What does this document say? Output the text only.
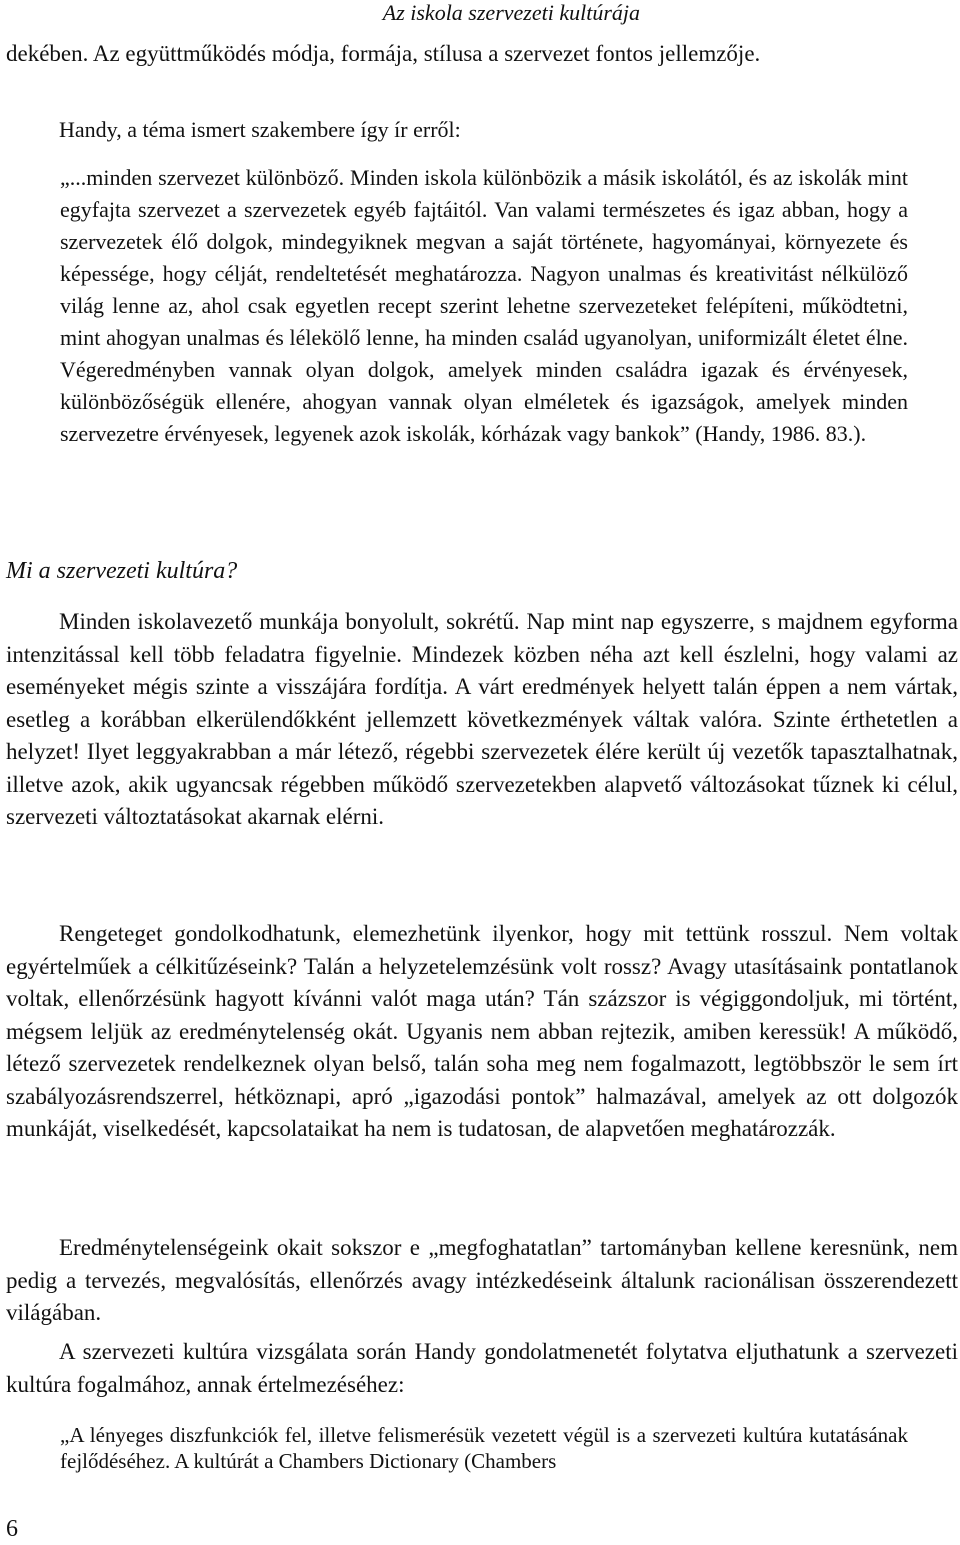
Az iskola szervezeti kultúrája

dekében. Az együttműködés módja, formája, stílusa a szervezet fontos jellemzője.

Handy, a téma ismert szakembere így ír erről:

„...minden szervezet különböző. Minden iskola különbözik a másik iskolától, és az iskolák mint egyfajta szervezet a szervezetek egyéb fajtáitól. Van valami természetes és igaz abban, hogy a szervezetek élő dolgok, mindegyiknek megvan a saját története, hagyományai, környezete és képessége, hogy célját, rendeltetését meghatározza. Nagyon unalmas és kreativitást nélkülöző világ lenne az, ahol csak egyetlen recept szerint lehetne szervezeteket felépíteni, működtetni, mint ahogyan unalmas és lélekölő lenne, ha minden család ugyanolyan, uniformizált életet élne. Végeredményben vannak olyan dolgok, amelyek minden családra igazak és érvényesek, különbözőségük ellenére, ahogyan vannak olyan elméletek és igazságok, amelyek minden szervezetre érvényesek, legyenek azok iskolák, kórházak vagy bankok” (Handy, 1986. 83.).

Mi a szervezeti kultúra?

Minden iskolavezető munkája bonyolult, sokrétű. Nap mint nap egyszerre, s majdnem egyforma intenzitással kell több feladatra figyelnie. Mindezek közben néha azt kell észlelni, hogy valami az eseményeket mégis szinte a visszájára fordítja. A várt eredmények helyett talán éppen a nem vártak, esetleg a korábban elkerülendőkként jellemzett következmények váltak valóra. Szinte érthetetlen a helyzet! Ilyet leggyakrabban a már létező, régebbi szervezetek élére került új vezetők tapasztalhatnak, illetve azok, akik ugyancsak régebben működő szervezetekben alapvető változásokat tűznek ki célul, szervezeti változtatásokat akarnak elérni.

Rengeteget gondolkodhatunk, elemezhetünk ilyenkor, hogy mit tettünk rosszul. Nem voltak egyértelműek a célkitűzéseink? Talán a helyzetelemzésünk volt rossz? Avagy utasításaink pontatlanok voltak, ellenőrzésünk hagyott kívánni valót maga után? Tán százszor is végiggondoljuk, mi történt, mégsem leljük az eredménytelenség okát. Ugyanis nem abban rejtezik, amiben keressük! A működő, létező szervezetek rendelkeznek olyan belső, talán soha meg nem fogalmazott, legtöbbször le sem írt szabályozásrendszerrel, hétköznapi, apró „igazodási pontok” halmazával, amelyek az ott dolgozók munkáját, viselkedését, kapcsolataikat ha nem is tudatosan, de alapvetően meghatározzák.

Eredménytelenségeink okait sokszor e „megfoghatatlan” tartományban kellene keresnünk, nem pedig a tervezés, megvalósítás, ellenőrzés avagy intézkedéseink általunk racionálisan összerendezett világában.

A szervezeti kultúra vizsgálata során Handy gondolatmenetét folytatva eljuthatunk a szervezeti kultúra fogalmához, annak értelmezéséhez:

„A lényeges diszfunkciók fel, illetve felismerésük vezetett végül is a szervezeti kultúra kutatásának fejlődéséhez. A kultúrát a Chambers Dictionary (Chambers

6
